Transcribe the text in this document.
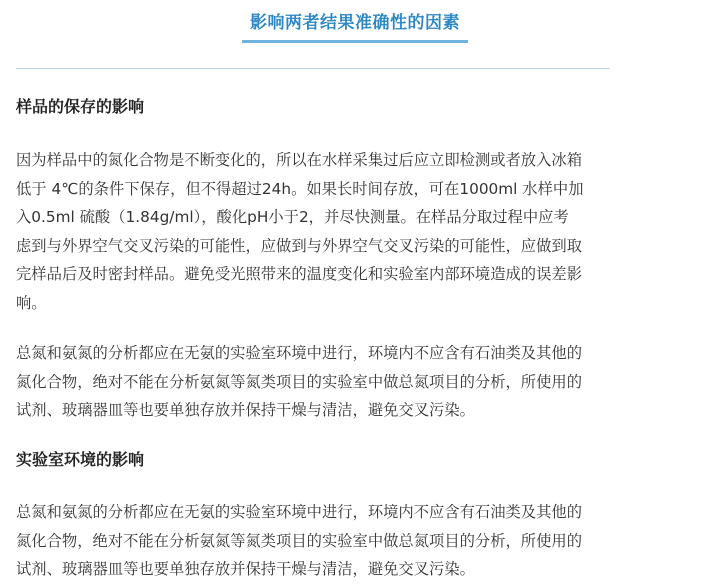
影响两者结果准确性的因素
样品的保存的影响
因为样品中的氮化合物是不断变化的，所以在水样采集过后应立即检测或者放入冰箱
低于 4℃的条件下保存，但不得超过24h。如果长时间存放，可在1000ml 水样中加
入0.5ml 硫酸（1.84g/ml），酸化pH小于2，并尽快测量。在样品分取过程中应考
虑到与外界空气交叉污染的可能性，应做到与外界空气交叉污染的可能性，应做到取
完样品后及时密封样品。避免受光照带来的温度变化和实验室内部环境造成的误差影
响。
总氮和氨氮的分析都应在无氨的实验室环境中进行，环境内不应含有石油类及其他的
氮化合物，绝对不能在分析氨氮等氮类项目的实验室中做总氮项目的分析，所使用的
试剂、玻璃器皿等也要单独存放并保持干燥与清洁，避免交叉污染。
实验室环境的影响
总氮和氨氮的分析都应在无氨的实验室环境中进行，环境内不应含有石油类及其他的
氮化合物，绝对不能在分析氨氮等氮类项目的实验室中做总氮项目的分析，所使用的
试剂、玻璃器皿等也要单独存放并保持干燥与清洁，避免交叉污染。
